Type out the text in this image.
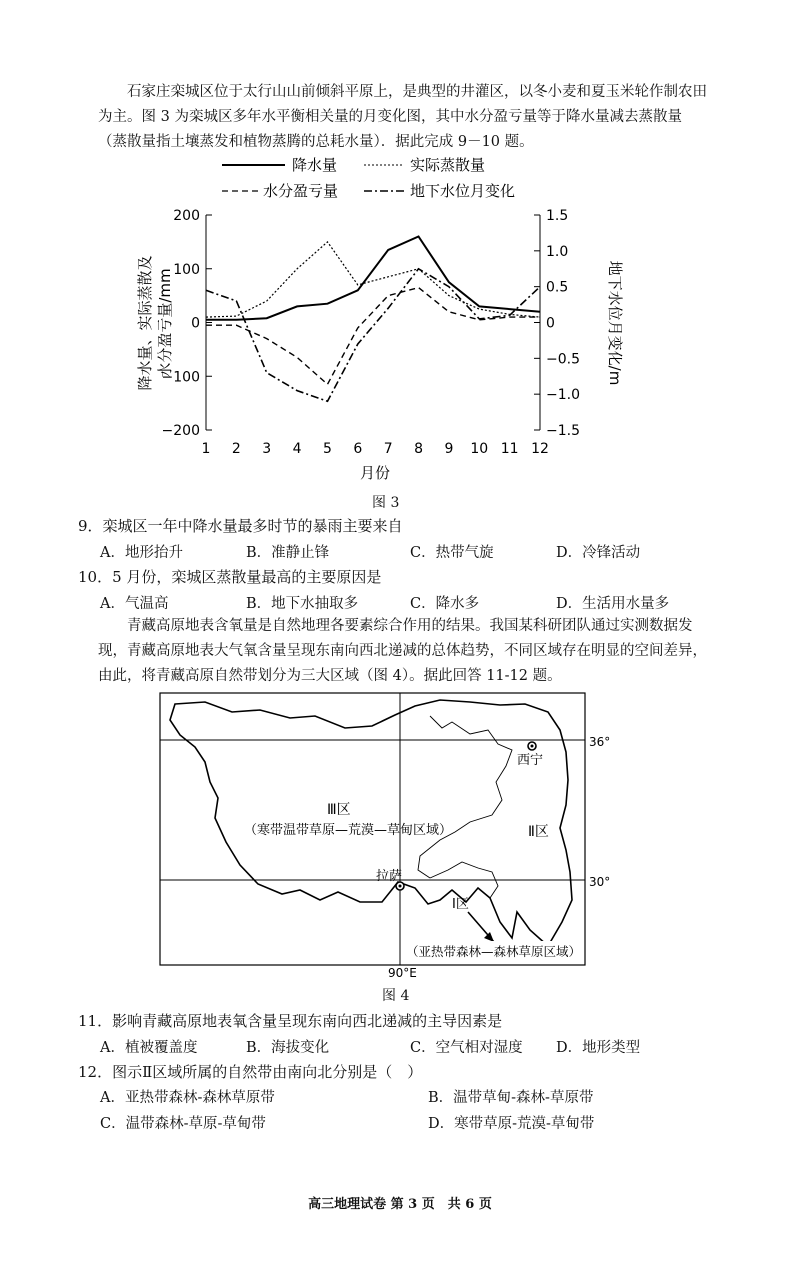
石家庄栾城区位于太行山山前倾斜平原上，是典型的井灌区，以冬小麦和夏玉米轮作制农田为主。图 3 为栾城区多年水平衡相关量的月变化图，其中水分盈亏量等于降水量减去蒸散量（蒸散量指土壤蒸发和植物蒸腾的总耗水量）．据此完成 9－10 题。
降水量	实际蒸散量
水分盈亏量	地下水位月变化
200
100
0
−100
−200
1.5
1.0
0.5
0
−0.5
−1.0
−1.5
1 2 3 4 5 6 7 8 9 10 11 12
降水量、实际蒸散及 水分盈亏量/mm	地下水位月变化/m
月份
图 3
9．栾城区一年中降水量最多时节的暴雨主要来自
A．地形抬升	B．准静止锋	C．热带气旋	D．冷锋活动
10．5 月份，栾城区蒸散量最高的主要原因是
A．气温高	B．地下水抽取多	C．降水多	D．生活用水量多
青藏高原地表含氧量是自然地理各要素综合作用的结果。我国某科研团队通过实测数据发现，青藏高原地表大气氧含量呈现东南向西北递减的总体趋势，不同区域存在明显的空间差异，由此，将青藏高原自然带划分为三大区域（图 4）。据此回答 11-12 题。
36°
30°
90°E
西宁
拉萨
Ⅲ区
（寒带温带草原—荒漠—草甸区域）	Ⅱ区
Ⅰ区
（亚热带森林—森林草原区域）
图 4
11．影响青藏高原地表氧含量呈现东南向西北递减的主导因素是
A．植被覆盖度	B．海拔变化	C．空气相对湿度 D．地形类型
12．图示Ⅱ区域所属的自然带由南向北分别是（　）
A．亚热带森林-森林草原带	B．温带草甸-森林-草原带
C．温带森林-草原-草甸带	D．寒带草原-荒漠-草甸带
高三地理试卷 第 3 页　共 6 页
